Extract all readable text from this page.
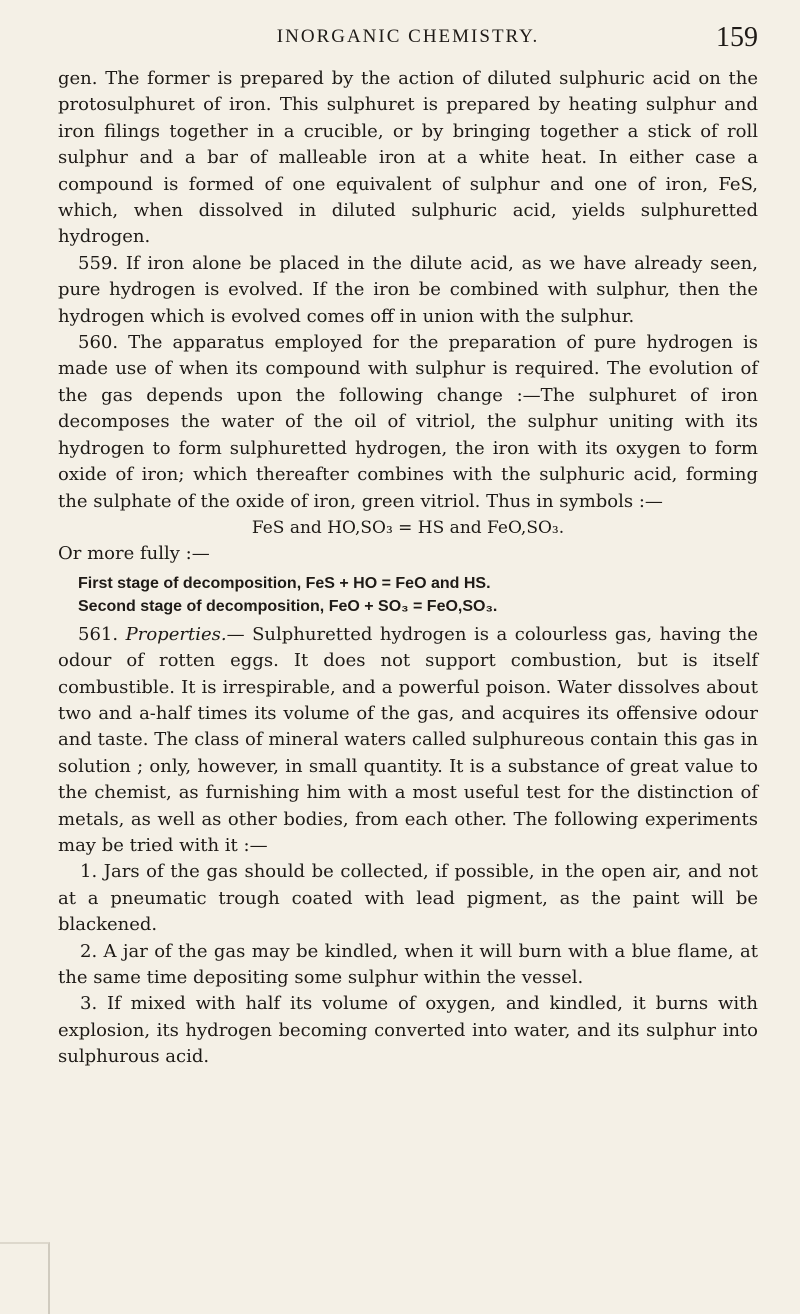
INORGANIC CHEMISTRY.	159

gen. The former is prepared by the action of diluted sulphuric acid on the protosulphuret of iron. This sulphuret is prepared by heating sulphur and iron filings together in a crucible, or by bringing together a stick of roll sulphur and a bar of malleable iron at a white heat. In either case a compound is formed of one equivalent of sulphur and one of iron, FeS, which, when dissolved in diluted sulphuric acid, yields sulphuretted hydrogen.

559. If iron alone be placed in the dilute acid, as we have already seen, pure hydrogen is evolved. If the iron be combined with sulphur, then the hydrogen which is evolved comes off in union with the sulphur.

560. The apparatus employed for the preparation of pure hydrogen is made use of when its compound with sulphur is required. The evolution of the gas depends upon the following change :—The sulphuret of iron decomposes the water of the oil of vitriol, the sulphur uniting with its hydrogen to form sulphuretted hydrogen, the iron with its oxygen to form oxide of iron; which thereafter combines with the sulphuric acid, forming the sulphate of the oxide of iron, green vitriol. Thus in symbols :—

FeS and HO,SO₃ = HS and FeO,SO₃.

Or more fully :—

First stage of decomposition, FeS + HO = FeO and HS.
Second stage of decomposition, FeO + SO₃ = FeO,SO₃.

561. Properties.— Sulphuretted hydrogen is a colourless gas, having the odour of rotten eggs. It does not support combustion, but is itself combustible. It is irrespirable, and a powerful poison. Water dissolves about two and a-half times its volume of the gas, and acquires its offensive odour and taste. The class of mineral waters called sulphureous contain this gas in solution ; only, however, in small quantity. It is a substance of great value to the chemist, as furnishing him with a most useful test for the distinction of metals, as well as other bodies, from each other. The following experiments may be tried with it :—

1. Jars of the gas should be collected, if possible, in the open air, and not at a pneumatic trough coated with lead pigment, as the paint will be blackened.

2. A jar of the gas may be kindled, when it will burn with a blue flame, at the same time depositing some sulphur within the vessel.

3. If mixed with half its volume of oxygen, and kindled, it burns with explosion, its hydrogen becoming converted into water, and its sulphur into sulphurous acid.
